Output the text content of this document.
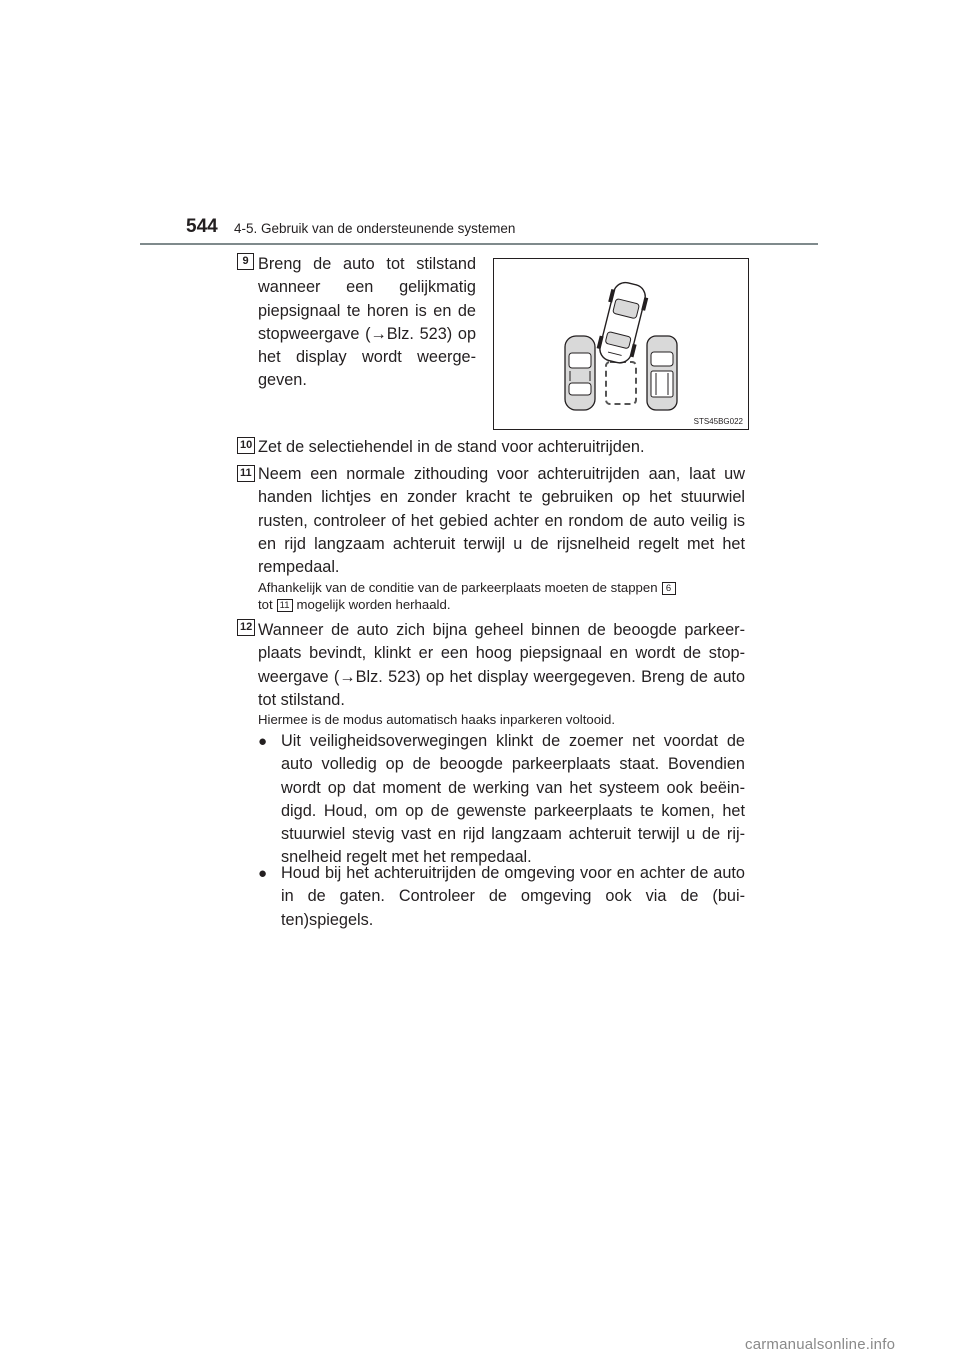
544 4-5. Gebruik van de ondersteunende systemen
9 Breng de auto tot stilstand wanneer een gelijkmatig piepsignaal te horen is en de stopweergave (→Blz. 523) op het display wordt weerge-geven.
STS45BG022
10 Zet de selectiehendel in de stand voor achteruitrijden.
11 Neem een normale zithouding voor achteruitrijden aan, laat uw handen lichtjes en zonder kracht te gebruiken op het stuurwiel rusten, controleer of het gebied achter en rondom de auto veilig is en rijd langzaam achteruit terwijl u de rijsnelheid regelt met het rempedaal.
Afhankelijk van de conditie van de parkeerplaats moeten de stappen 6
tot 11 mogelijk worden herhaald.
12 Wanneer de auto zich bijna geheel binnen de beoogde parkeer-plaats bevindt, klinkt er een hoog piepsignaal en wordt de stop-weergave (→Blz. 523) op het display weergegeven. Breng de auto tot stilstand.
Hiermee is de modus automatisch haaks inparkeren voltooid.
● Uit veiligheidsoverwegingen klinkt de zoemer net voordat de auto volledig op de beoogde parkeerplaats staat. Bovendien wordt op dat moment de werking van het systeem ook beëin-digd. Houd, om op de gewenste parkeerplaats te komen, het stuurwiel stevig vast en rijd langzaam achteruit terwijl u de rij-snelheid regelt met het rempedaal.
● Houd bij het achteruitrijden de omgeving voor en achter de auto in de gaten. Controleer de omgeving ook via de (bui-ten)spiegels.
carmanualsonline.info
